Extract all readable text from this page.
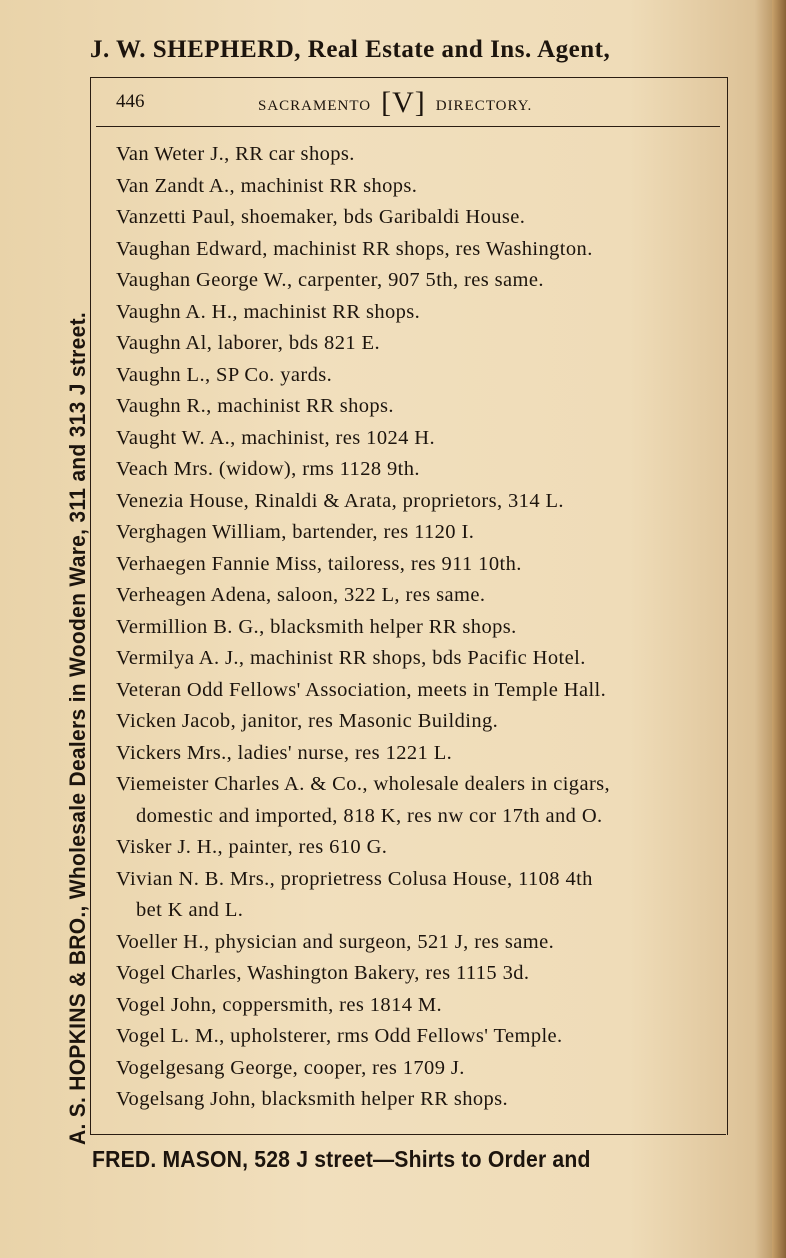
J. W. SHEPHERD, Real Estate and Ins. Agent,
A. S. HOPKINS & BRO., Wholesale Dealers in Wooden Ware, 311 and 313 J street.
446	SACRAMENTO [V] DIRECTORY.
Van Weter J., RR car shops.
Van Zandt A., machinist RR shops.
Vanzetti Paul, shoemaker, bds Garibaldi House.
Vaughan Edward, machinist RR shops, res Washington.
Vaughan George W., carpenter, 907 5th, res same.
Vaughn A. H., machinist RR shops.
Vaughn Al, laborer, bds 821 E.
Vaughn L., SP Co. yards.
Vaughn R., machinist RR shops.
Vaught W. A., machinist, res 1024 H.
Veach Mrs. (widow), rms 1128 9th.
Venezia House, Rinaldi & Arata, proprietors, 314 L.
Verghagen William, bartender, res 1120 I.
Verhaegen Fannie Miss, tailoress, res 911 10th.
Verheagen Adena, saloon, 322 L, res same.
Vermillion B. G., blacksmith helper RR shops.
Vermilya A. J., machinist RR shops, bds Pacific Hotel.
Veteran Odd Fellows' Association, meets in Temple Hall.
Vicken Jacob, janitor, res Masonic Building.
Vickers Mrs., ladies' nurse, res 1221 L.
Viemeister Charles A. & Co., wholesale dealers in cigars,
domestic and imported, 818 K, res nw cor 17th and O.
Visker J. H., painter, res 610 G.
Vivian N. B. Mrs., proprietress Colusa House, 1108 4th
bet K and L.
Voeller H., physician and surgeon, 521 J, res same.
Vogel Charles, Washington Bakery, res 1115 3d.
Vogel John, coppersmith, res 1814 M.
Vogel L. M., upholsterer, rms Odd Fellows' Temple.
Vogelgesang George, cooper, res 1709 J.
Vogelsang John, blacksmith helper RR shops.
FRED. MASON, 528 J street—Shirts to Order and
